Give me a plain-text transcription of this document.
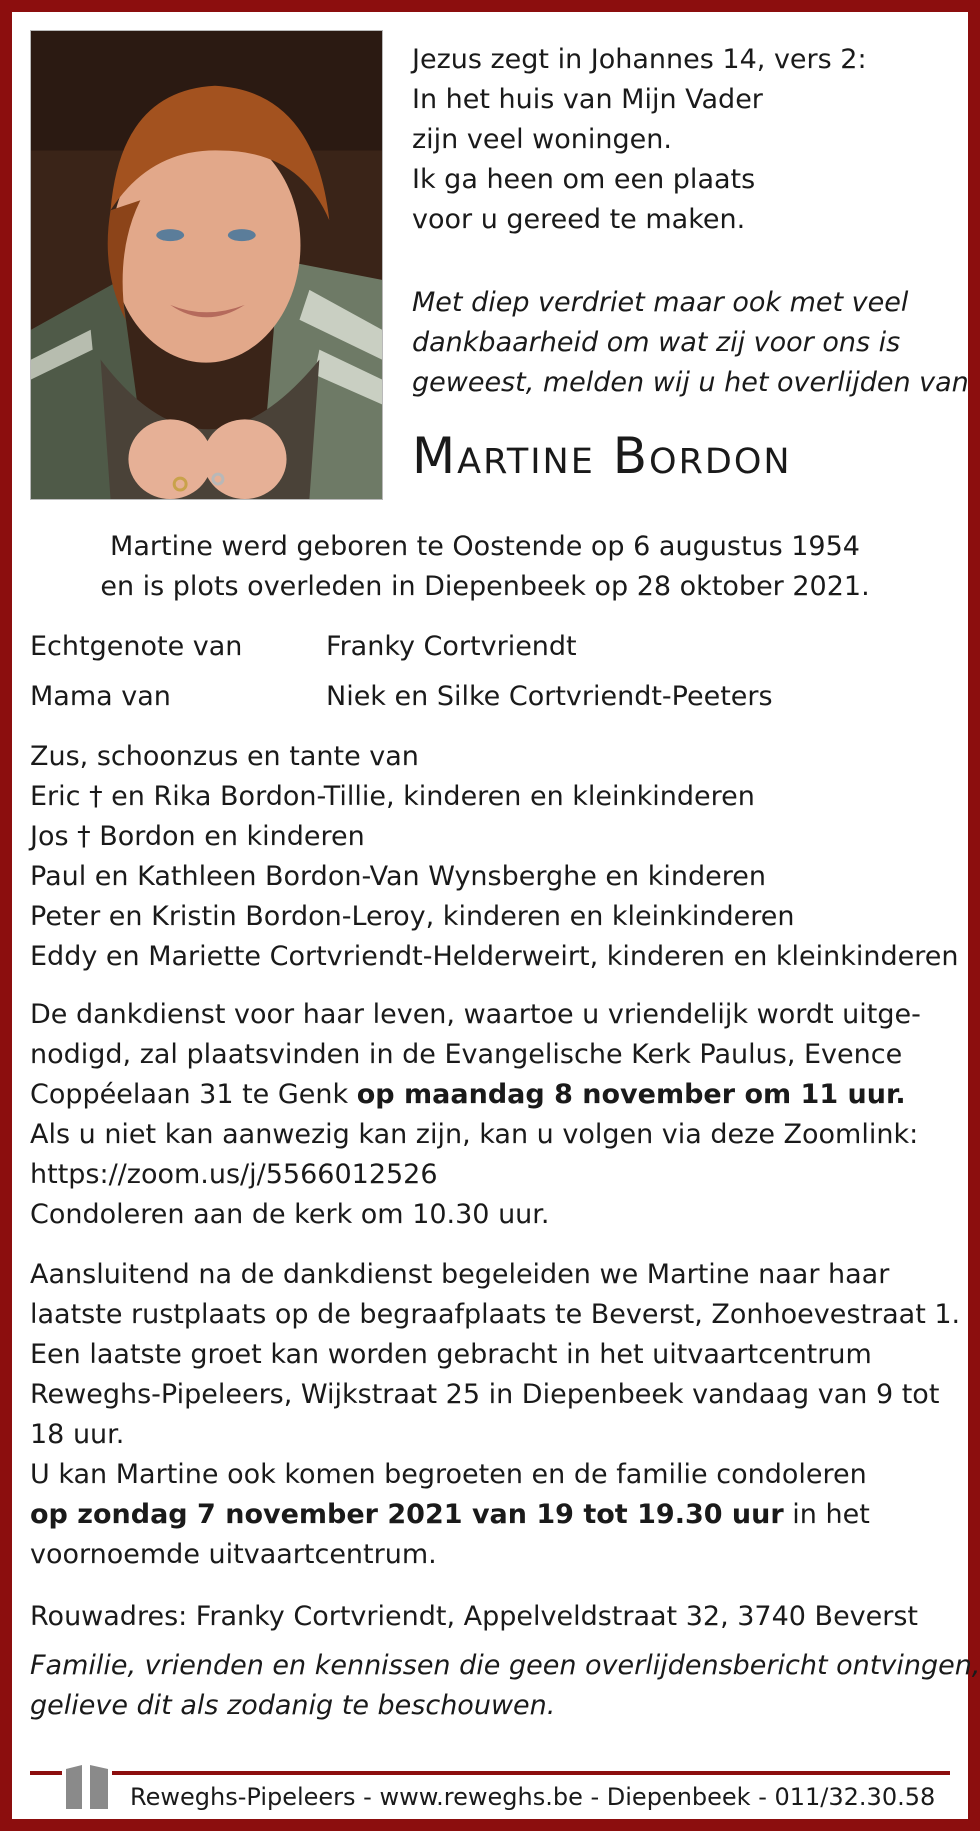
Jezus zegt in Johannes 14, vers 2:
In het huis van Mijn Vader
zijn veel woningen.
Ik ga heen om een plaats
voor u gereed te maken.
Met diep verdriet maar ook met veel
dankbaarheid om wat zij voor ons is
geweest, melden wij u het overlijden van
Martine Bordon
Martine werd geboren te Oostende op 6 augustus 1954
en is plots overleden in Diepenbeek op 28 oktober 2021.
Echtgenote van	Franky Cortvriendt
Mama van	Niek en Silke Cortvriendt-Peeters
Zus, schoonzus en tante van
Eric † en Rika Bordon-Tillie, kinderen en kleinkinderen
Jos † Bordon en kinderen
Paul en Kathleen Bordon-Van Wynsberghe en kinderen
Peter en Kristin Bordon-Leroy, kinderen en kleinkinderen
Eddy en Mariette Cortvriendt-Helderweirt, kinderen en kleinkinderen
De dankdienst voor haar leven, waartoe u vriendelijk wordt uitge-
nodigd, zal plaatsvinden in de Evangelische Kerk Paulus, Evence
Coppéelaan 31 te Genk op maandag 8 november om 11 uur.
Als u niet kan aanwezig kan zijn, kan u volgen via deze Zoomlink:
https://zoom.us/j/5566012526
Condoleren aan de kerk om 10.30 uur.
Aansluitend na de dankdienst begeleiden we Martine naar haar
laatste rustplaats op de begraafplaats te Beverst, Zonhoevestraat 1.
Een laatste groet kan worden gebracht in het uitvaartcentrum
Reweghs-Pipeleers, Wijkstraat 25 in Diepenbeek vandaag van 9 tot
18 uur.
U kan Martine ook komen begroeten en de familie condoleren
op zondag 7 november 2021 van 19 tot 19.30 uur in het
voornoemde uitvaartcentrum.
Rouwadres: Franky Cortvriendt, Appelveldstraat 32, 3740 Beverst
Familie, vrienden en kennissen die geen overlijdensbericht ontvingen,
gelieve dit als zodanig te beschouwen.
Reweghs-Pipeleers - www.reweghs.be - Diepenbeek - 011/32.30.58
